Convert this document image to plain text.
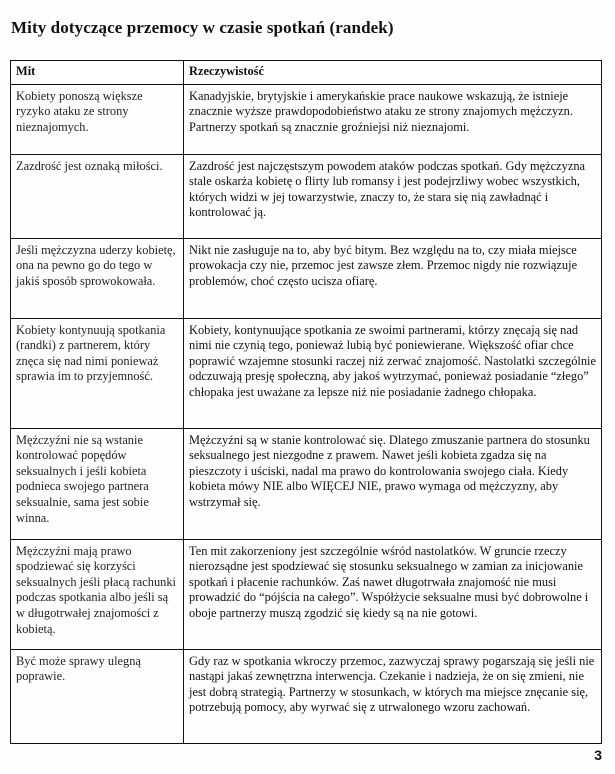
Mity dotyczące przemocy w czasie spotkań (randek)
Mit	Rzeczywistość
Kobiety ponoszą większe ryzyko ataku ze strony nieznajomych.	Kanadyjskie, brytyjskie i amerykańskie prace naukowe wskazują, że istnieje znacznie wyższe prawdopodobieństwo ataku ze strony znajomych mężczyzn. Partnerzy spotkań są znacznie groźniejsi niż nieznajomi.
Zazdrość jest oznaką miłości.	Zazdrość jest najczęstszym powodem ataków podczas spotkań. Gdy mężczyzna stale oskarża kobietę o flirty lub romansy i jest podejrzliwy wobec wszystkich, których widzi w jej towarzystwie, znaczy to, że stara się nią zawładnąć i kontrolować ją.
Jeśli mężczyzna uderzy kobietę, ona na pewno go do tego w jakiś sposób sprowokowała.	Nikt nie zasługuje na to, aby być bitym. Bez względu na to, czy miała miejsce prowokacja czy nie, przemoc jest zawsze złem. Przemoc nigdy nie rozwiązuje problemów, choć często ucisza ofiarę.
Kobiety kontynuują spotkania (randki) z partnerem, który znęca się nad nimi ponieważ sprawia im to przyjemność.	Kobiety, kontynuujące spotkania ze swoimi partnerami, którzy znęcają się nad nimi nie czynią tego, ponieważ lubią być poniewierane. Większość ofiar chce poprawić wzajemne stosunki raczej niż zerwać znajomość. Nastolatki szczególnie odczuwają presję społeczną, aby jakoś wytrzymać, ponieważ posiadanie “złego” chłopaka jest uważane za lepsze niż nie posiadanie żadnego chłopaka.
Mężczyźni nie są wstanie kontrolować popędów seksualnych i jeśli kobieta podnieca swojego partnera seksualnie, sama jest sobie winna.	Mężczyźni są w stanie kontrolować się. Dlatego zmuszanie partnera do stosunku seksualnego jest niezgodne z prawem. Nawet jeśli kobieta zgadza się na pieszczoty i uściski, nadal ma prawo do kontrolowania swojego ciała. Kiedy kobieta mówy NIE albo WIĘCEJ NIE, prawo wymaga od mężczyzny, aby wstrzymał się.
Mężczyźni mają prawo spodziewać się korzyści seksualnych jeśli płacą rachunki podczas spotkania albo jeśli są w długotrwałej znajomości z kobietą.	Ten mit zakorzeniony jest szczególnie wśród nastolatków. W gruncie rzeczy nierozsądne jest spodziewać się stosunku seksualnego w zamian za inicjowanie spotkań i płacenie rachunków. Zaś nawet długotrwała znajomość nie musi prowadzić do “pójścia na całego”. Współżycie seksualne musi być dobrowolne i oboje partnerzy muszą zgodzić się kiedy są na nie gotowi.
Być może sprawy ulegną poprawie.	Gdy raz w spotkania wkroczy przemoc, zazwyczaj sprawy pogarszają się jeśli nie nastąpi jakaś zewnętrzna interwencja. Czekanie i nadzieja, że on się zmieni, nie jest dobrą strategią. Partnerzy w stosunkach, w których ma miejsce znęcanie się, potrzebują pomocy, aby wyrwać się z utrwalonego wzoru zachowań.
3
